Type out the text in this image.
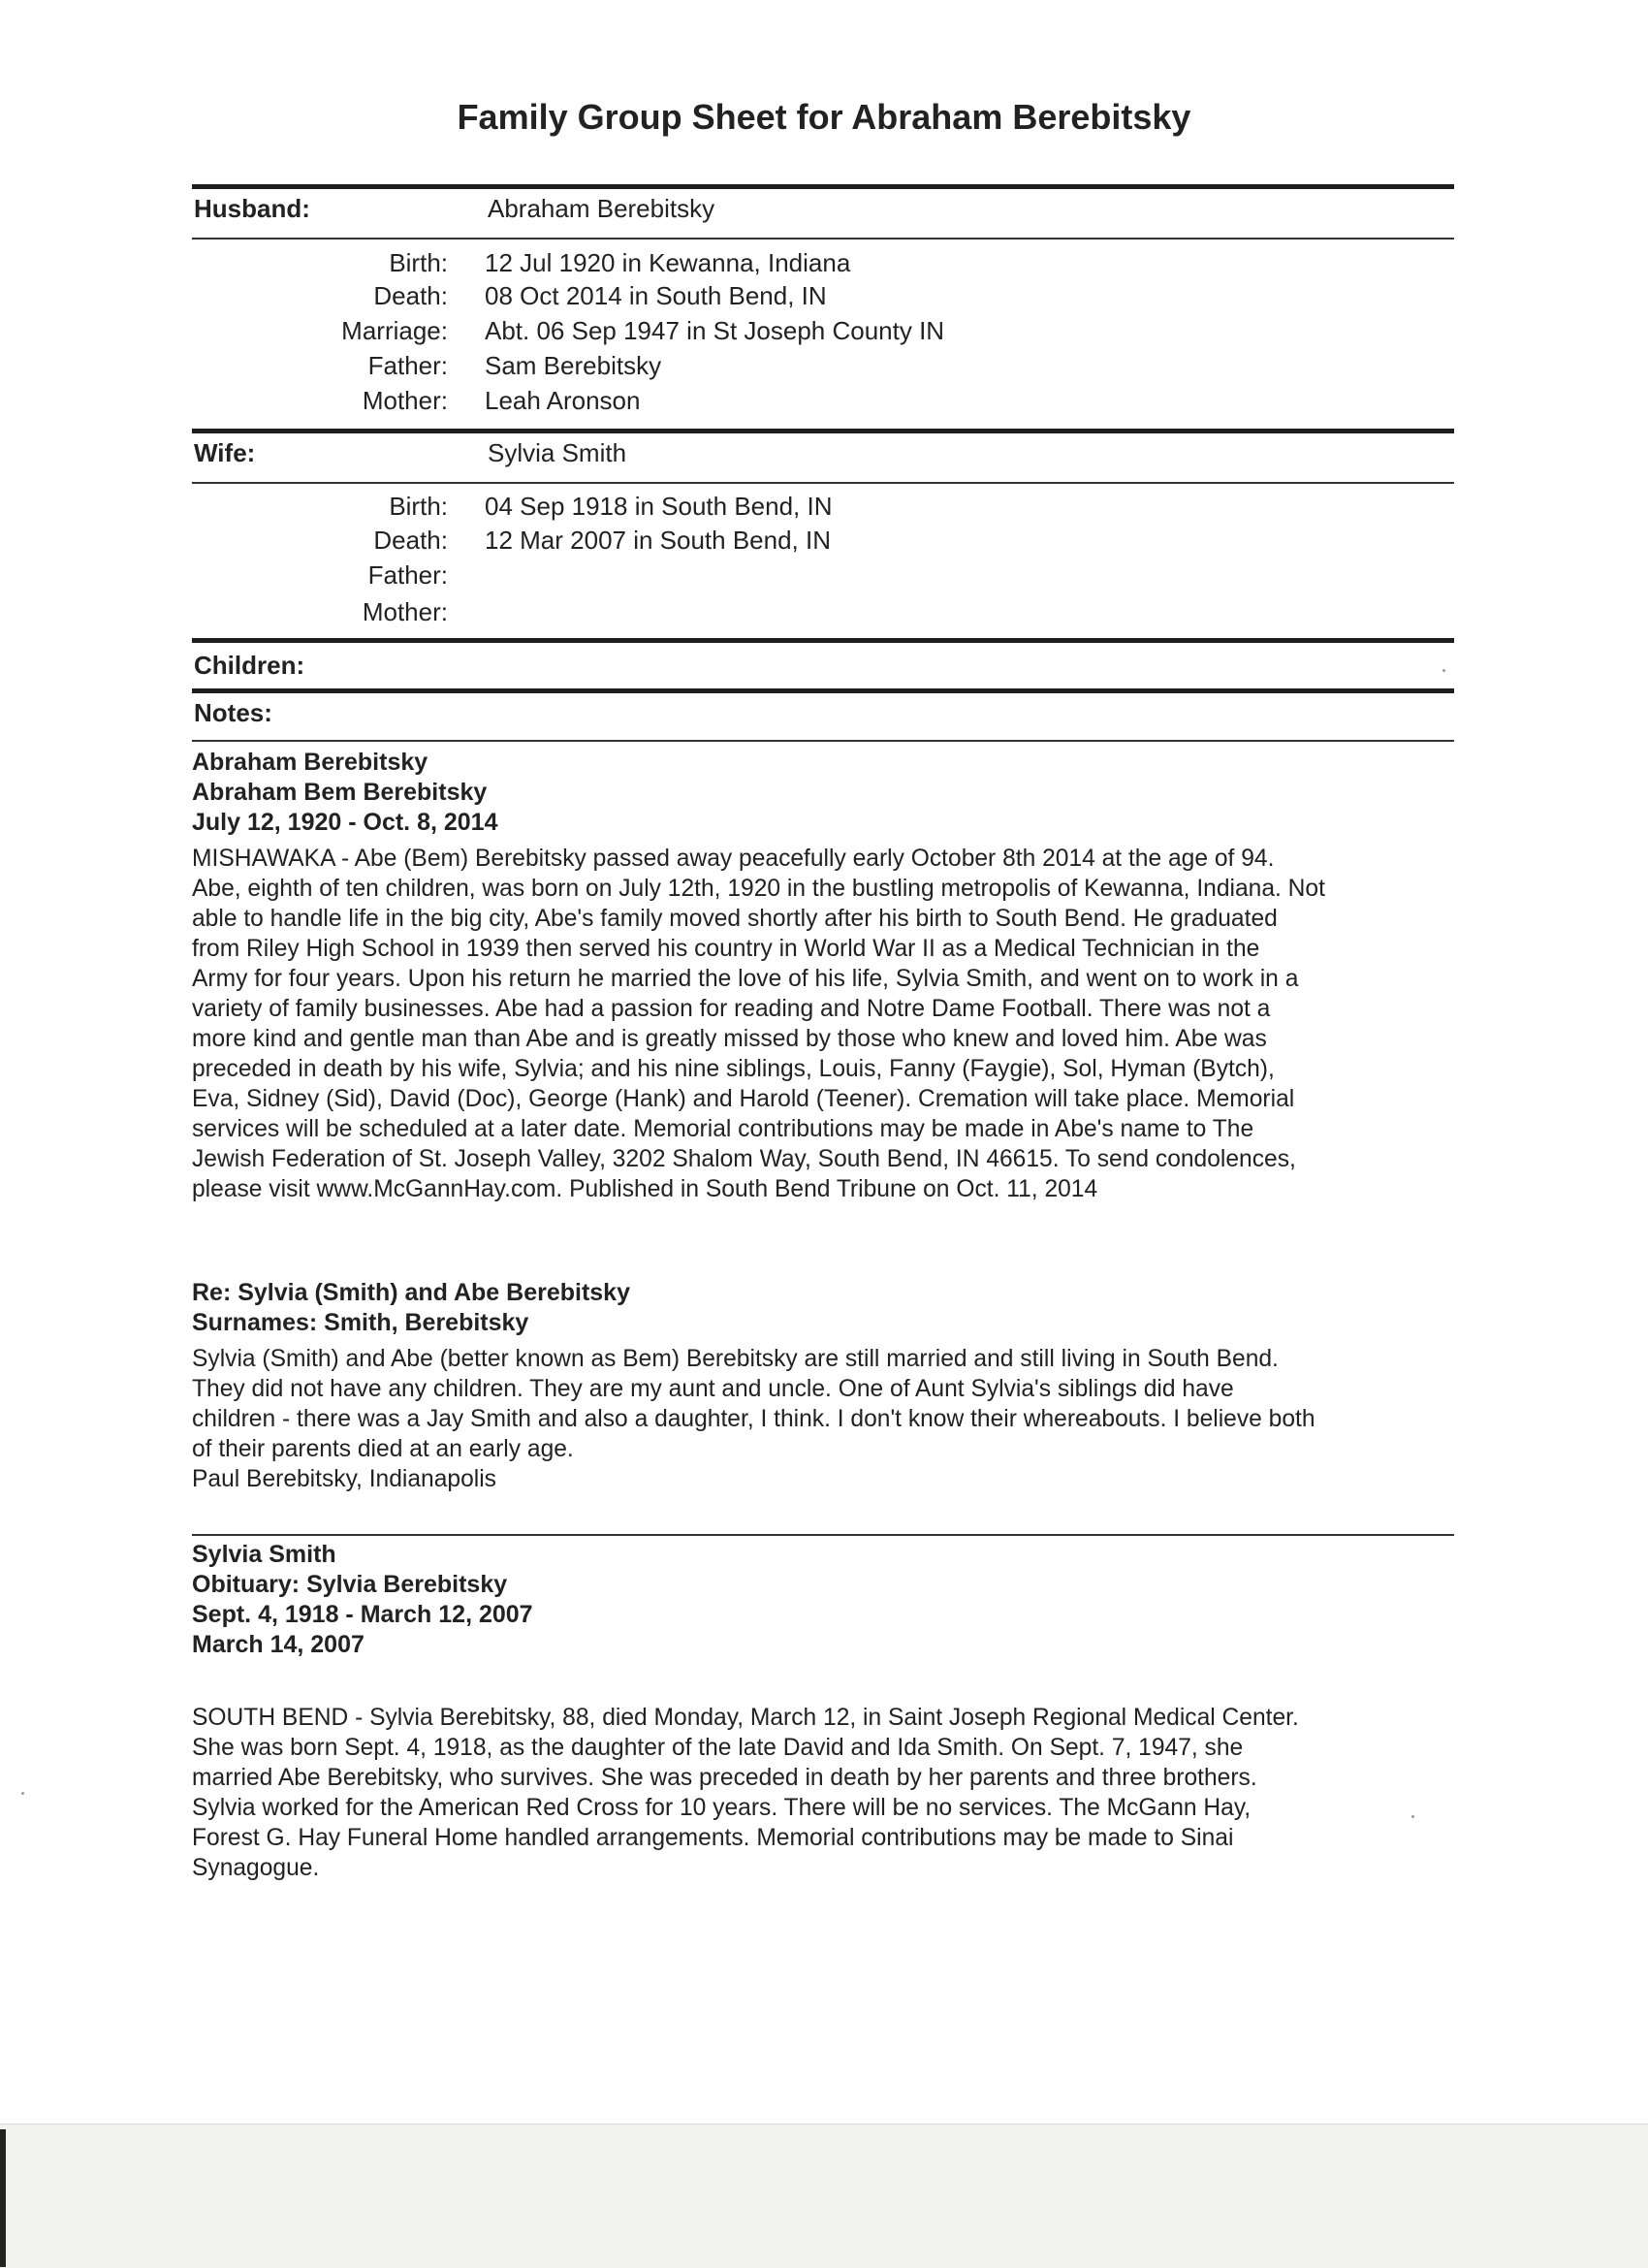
Family Group Sheet for Abraham Berebitsky
Husband:	Abraham Berebitsky
Birth: 12 Jul 1920 in Kewanna, Indiana
Death: 08 Oct 2014 in South Bend, IN
Marriage: Abt. 06 Sep 1947 in St Joseph County IN
Father: Sam Berebitsky
Mother: Leah Aronson
Wife:	Sylvia Smith
Birth: 04 Sep 1918 in South Bend, IN
Death: 12 Mar 2007 in South Bend, IN
Father:
Mother:
Children:
Notes:
Abraham Berebitsky
Abraham Bem Berebitsky
July 12, 1920 - Oct. 8, 2014
MISHAWAKA - Abe (Bem) Berebitsky passed away peacefully early October 8th 2014 at the age of 94.
Abe, eighth of ten children, was born on July 12th, 1920 in the bustling metropolis of Kewanna, Indiana. Not
able to handle life in the big city, Abe's family moved shortly after his birth to South Bend. He graduated
from Riley High School in 1939 then served his country in World War II as a Medical Technician in the
Army for four years. Upon his return he married the love of his life, Sylvia Smith, and went on to work in a
variety of family businesses. Abe had a passion for reading and Notre Dame Football. There was not a
more kind and gentle man than Abe and is greatly missed by those who knew and loved him. Abe was
preceded in death by his wife, Sylvia; and his nine siblings, Louis, Fanny (Faygie), Sol, Hyman (Bytch),
Eva, Sidney (Sid), David (Doc), George (Hank) and Harold (Teener). Cremation will take place. Memorial
services will be scheduled at a later date. Memorial contributions may be made in Abe's name to The
Jewish Federation of St. Joseph Valley, 3202 Shalom Way, South Bend, IN 46615. To send condolences,
please visit www.McGannHay.com. Published in South Bend Tribune on Oct. 11, 2014
Re: Sylvia (Smith) and Abe Berebitsky
Surnames: Smith, Berebitsky
Sylvia (Smith) and Abe (better known as Bem) Berebitsky are still married and still living in South Bend.
They did not have any children. They are my aunt and uncle. One of Aunt Sylvia's siblings did have
children - there was a Jay Smith and also a daughter, I think. I don't know their whereabouts. I believe both
of their parents died at an early age.
Paul Berebitsky, Indianapolis
Sylvia Smith
Obituary: Sylvia Berebitsky
Sept. 4, 1918 - March 12, 2007
March 14, 2007
SOUTH BEND - Sylvia Berebitsky, 88, died Monday, March 12, in Saint Joseph Regional Medical Center.
She was born Sept. 4, 1918, as the daughter of the late David and Ida Smith. On Sept. 7, 1947, she
married Abe Berebitsky, who survives. She was preceded in death by her parents and three brothers.
Sylvia worked for the American Red Cross for 10 years. There will be no services. The McGann Hay,
Forest G. Hay Funeral Home handled arrangements. Memorial contributions may be made to Sinai
Synagogue.
